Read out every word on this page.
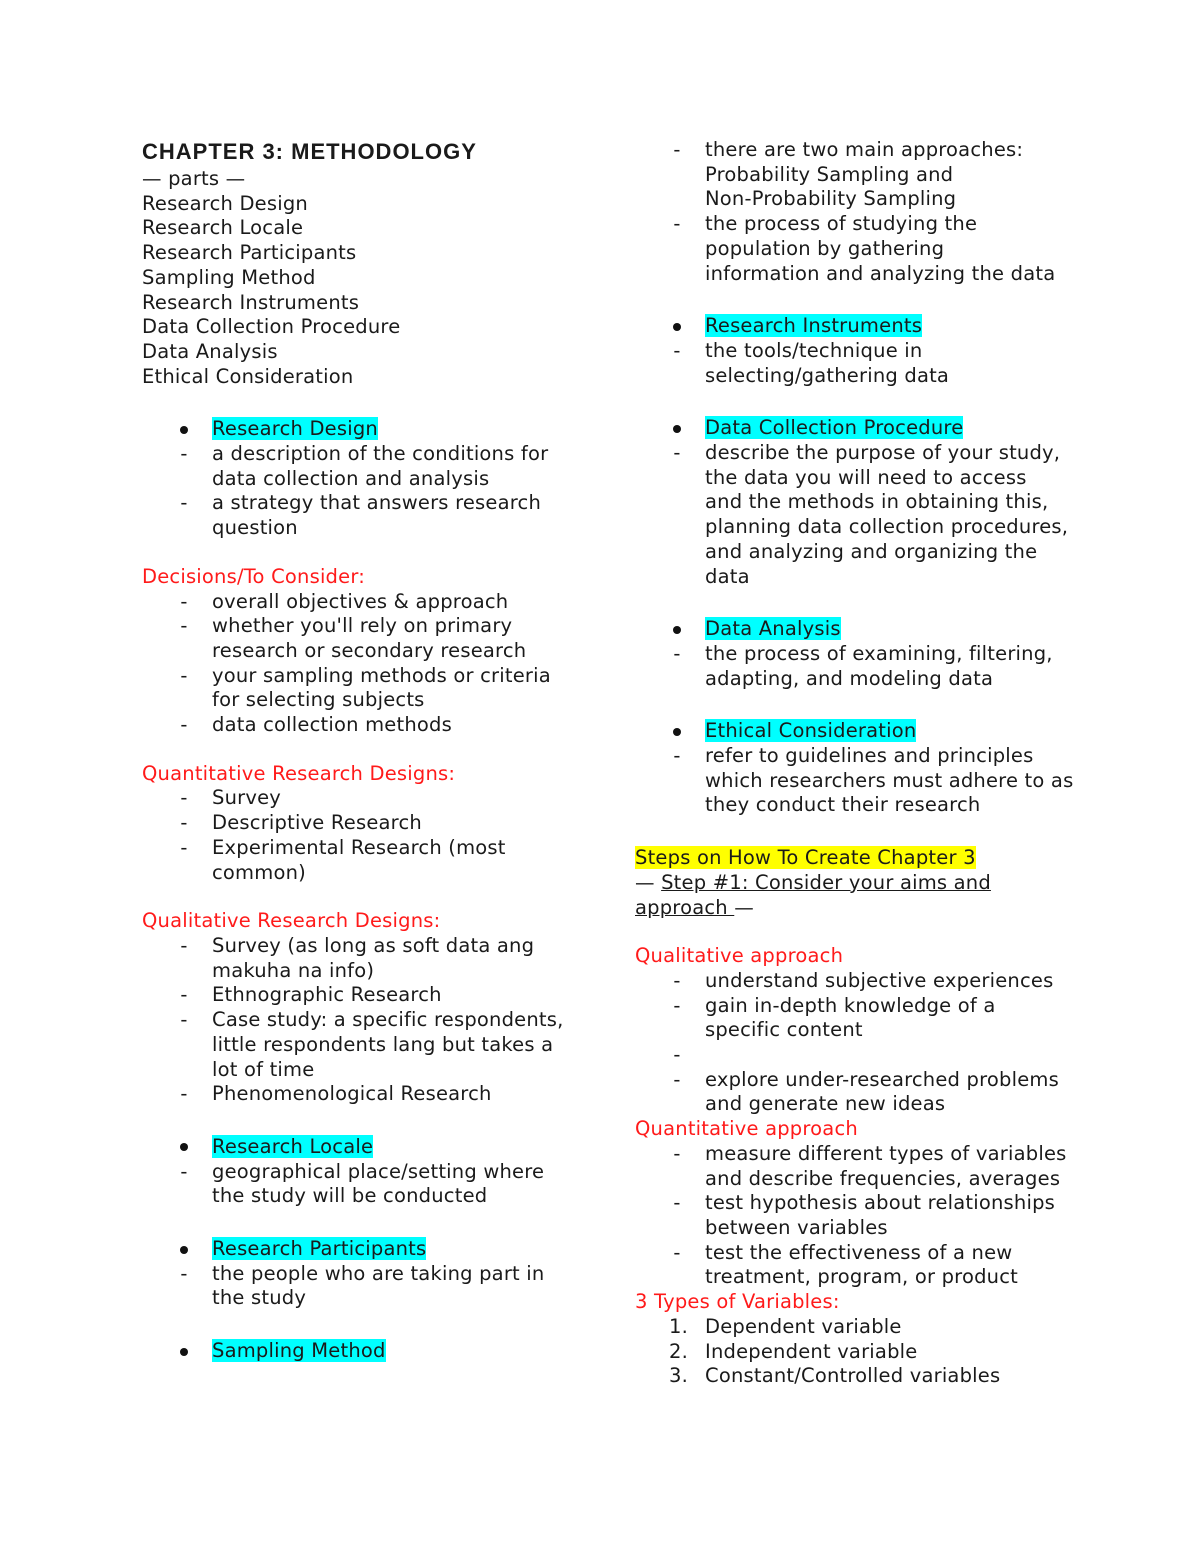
CHAPTER 3: METHODOLOGY
— parts —
Research Design
Research Locale
Research Participants
Sampling Method
Research Instruments
Data Collection Procedure
Data Analysis
Ethical Consideration
Research Design
-	a description of the conditions for
data collection and analysis
-	a strategy that answers research
question
Decisions/To Consider:
-	overall objectives & approach
-	whether you'll rely on primary
research or secondary research
-	your sampling methods or criteria
for selecting subjects
-	data collection methods
Quantitative Research Designs:
-	Survey
-	Descriptive Research
-	Experimental Research (most
common)
Qualitative Research Designs:
-	Survey (as long as soft data ang
makuha na info)
-	Ethnographic Research
-	Case study: a specific respondents,
little respondents lang but takes a
lot of time
-	Phenomenological Research
Research Locale
-	geographical place/setting where
the study will be conducted
Research Participants
-	the people who are taking part in
the study
Sampling Method
-	there are two main approaches:
Probability Sampling and
Non-Probability Sampling
-	the process of studying the
population by gathering
information and analyzing the data
Research Instruments
-	the tools/technique in
selecting/gathering data
Data Collection Procedure
-	describe the purpose of your study,
the data you will need to access
and the methods in obtaining this,
planning data collection procedures,
and analyzing and organizing the
data
Data Analysis
-	the process of examining, filtering,
adapting, and modeling data
Ethical Consideration
-	refer to guidelines and principles
which researchers must adhere to as
they conduct their research
Steps on How To Create Chapter 3
— Step #1: Consider your aims and
approach —
Qualitative approach
-	understand subjective experiences
-	gain in-depth knowledge of a
specific content
-
-	explore under-researched problems
and generate new ideas
Quantitative approach
-	measure different types of variables
and describe frequencies, averages
-	test hypothesis about relationships
between variables
-	test the effectiveness of a new
treatment, program, or product
3 Types of Variables:
1. Dependent variable
2. Independent variable
3. Constant/Controlled variables
